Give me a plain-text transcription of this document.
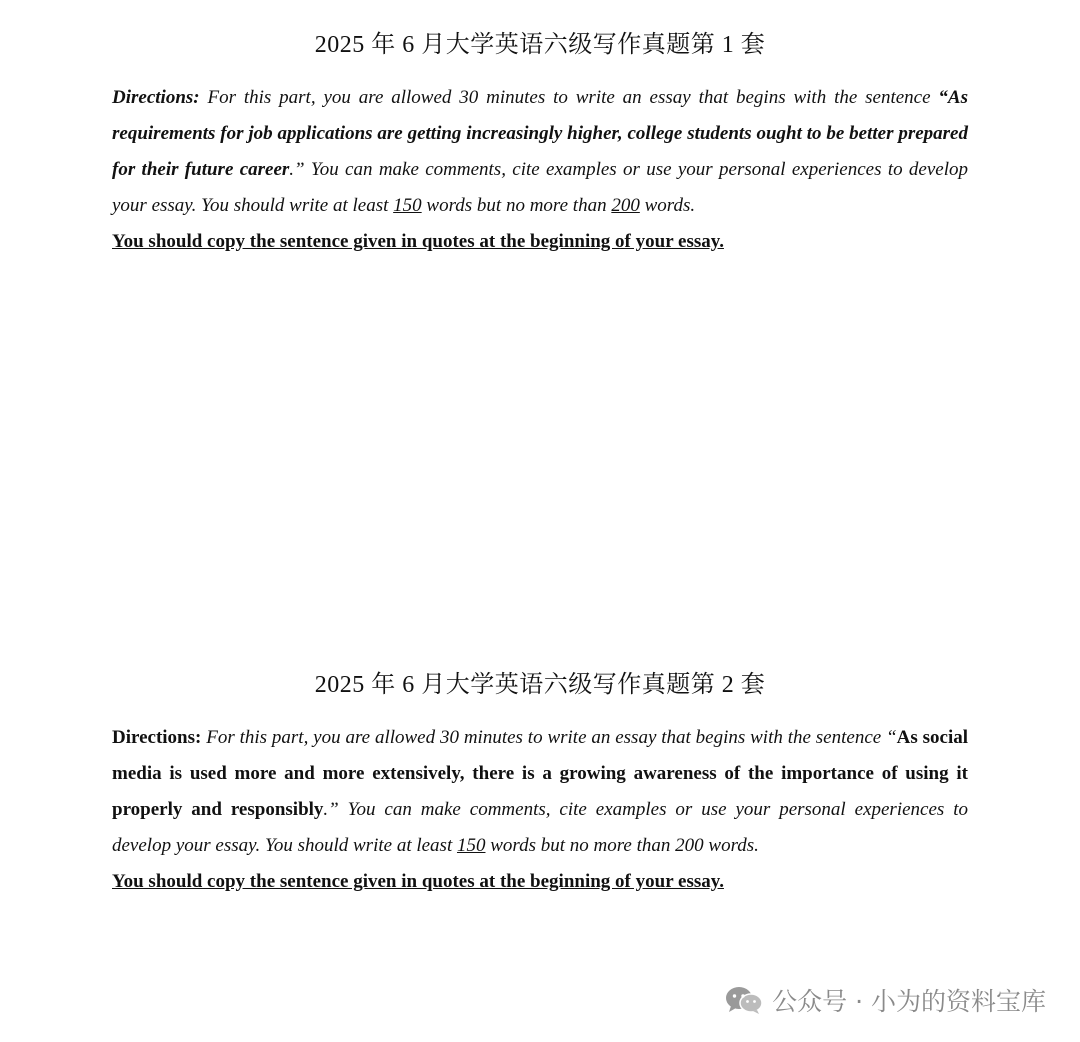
2025 年 6 月大学英语六级写作真题第 1 套

Directions: For this part, you are allowed 30 minutes to write an essay that begins with the sentence “As requirements for job applications are getting increasingly higher, college students ought to be better prepared for their future career.” You can make comments, cite examples or use your personal experiences to develop your essay. You should write at least 150 words but no more than 200 words.

You should copy the sentence given in quotes at the beginning of your essay.

2025 年 6 月大学英语六级写作真题第 2 套

Directions: For this part, you are allowed 30 minutes to write an essay that begins with the sentence “As social media is used more and more extensively, there is a growing awareness of the importance of using it properly and responsibly.” You can make comments, cite examples or use your personal experiences to develop your essay. You should write at least 150 words but no more than 200 words.

You should copy the sentence given in quotes at the beginning of your essay.

公众号 · 小为的资料宝库
